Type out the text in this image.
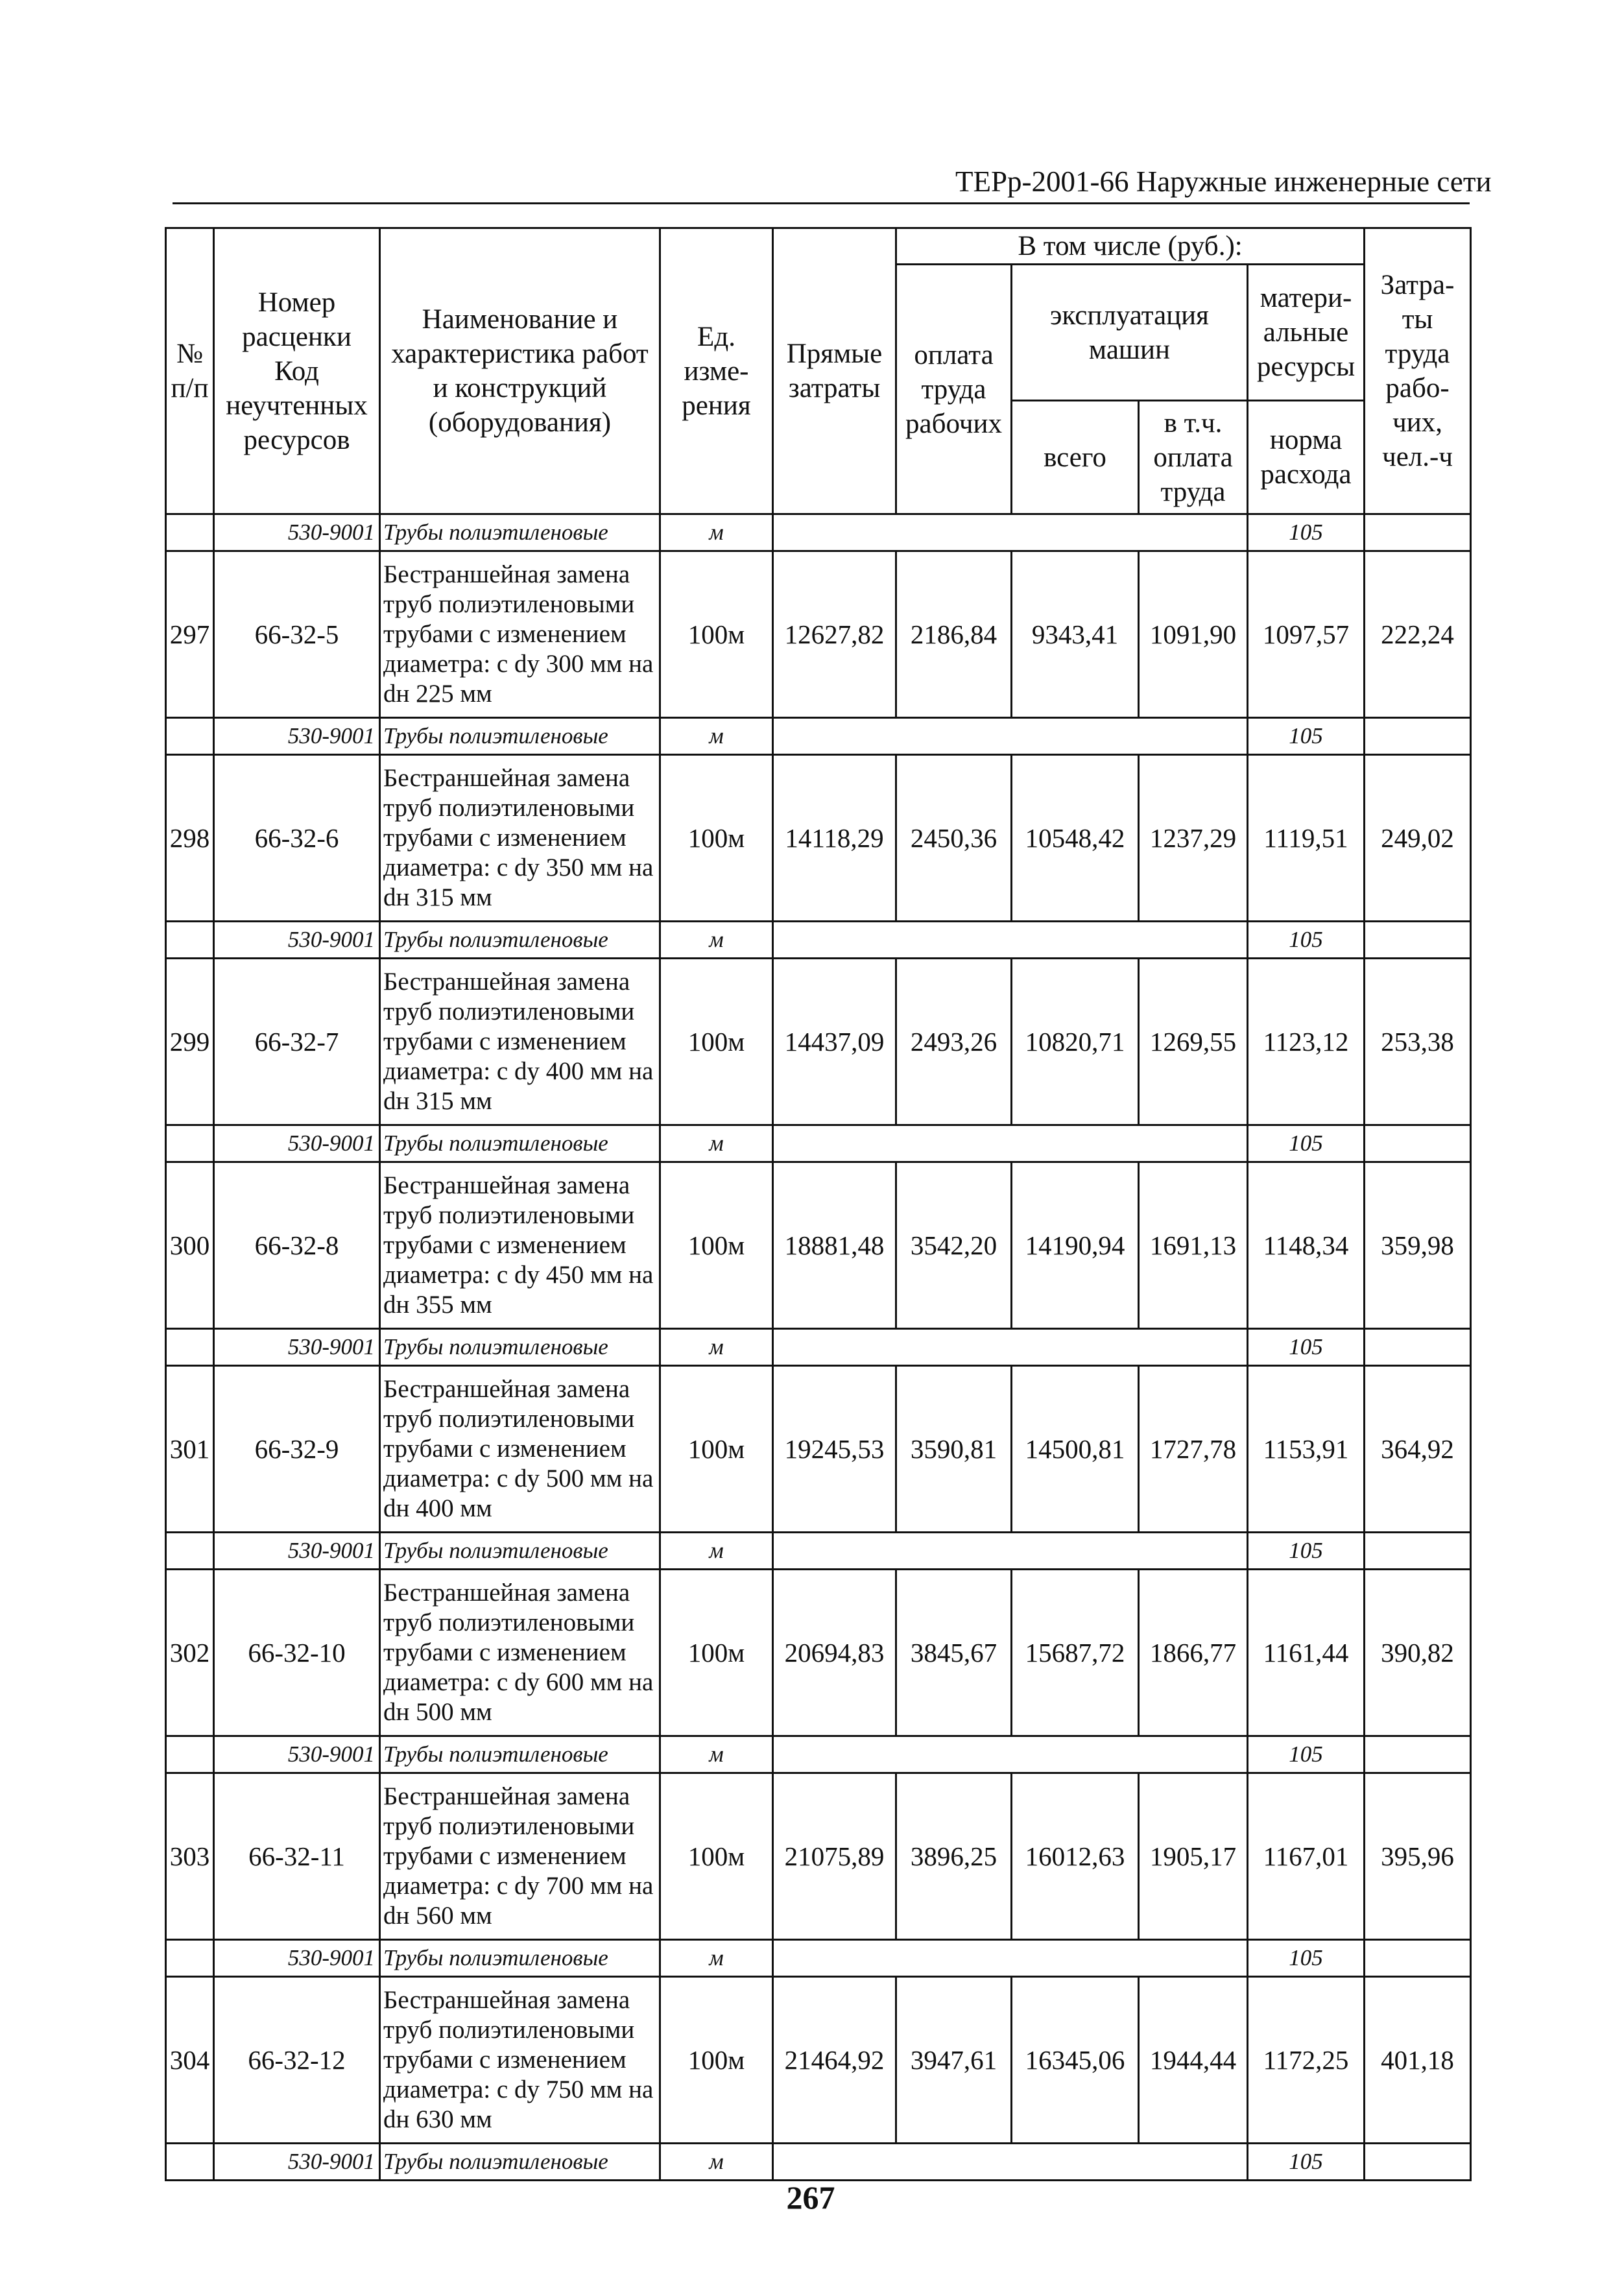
ТЕРр-2001-66 Наружные инженерные сети
№ п/п	Номер расценки Код неучтенных ресурсов	Наименование и характеристика работ и конструкций (оборудования)	Ед. изме-рения	Прямые затраты	В том числе (руб.):				Затра-ты труда рабо-чих, чел.-ч
					оплата труда рабочих	эксплуатация машин		матери-альные ресурсы	
						всего	в т.ч. оплата труда	норма расхода	
	530-9001	Трубы полиэтиленовые	м					105	
297	66-32-5	Бестраншейная замена труб полиэтиленовыми трубами с изменением диаметра: с dy 300 мм на dн 225 мм	100м	12627,82	2186,84	9343,41	1091,90	1097,57	222,24
	530-9001	Трубы полиэтиленовые	м					105	
298	66-32-6	Бестраншейная замена труб полиэтиленовыми трубами с изменением диаметра: с dy 350 мм на dн 315 мм	100м	14118,29	2450,36	10548,42	1237,29	1119,51	249,02
	530-9001	Трубы полиэтиленовые	м					105	
299	66-32-7	Бестраншейная замена труб полиэтиленовыми трубами с изменением диаметра: с dy 400 мм на dн 315 мм	100м	14437,09	2493,26	10820,71	1269,55	1123,12	253,38
	530-9001	Трубы полиэтиленовые	м					105	
300	66-32-8	Бестраншейная замена труб полиэтиленовыми трубами с изменением диаметра: с dy 450 мм на dн 355 мм	100м	18881,48	3542,20	14190,94	1691,13	1148,34	359,98
	530-9001	Трубы полиэтиленовые	м					105	
301	66-32-9	Бестраншейная замена труб полиэтиленовыми трубами с изменением диаметра: с dy 500 мм на dн 400 мм	100м	19245,53	3590,81	14500,81	1727,78	1153,91	364,92
	530-9001	Трубы полиэтиленовые	м					105	
302	66-32-10	Бестраншейная замена труб полиэтиленовыми трубами с изменением диаметра: с dy 600 мм на dн 500 мм	100м	20694,83	3845,67	15687,72	1866,77	1161,44	390,82
	530-9001	Трубы полиэтиленовые	м					105	
303	66-32-11	Бестраншейная замена труб полиэтиленовыми трубами с изменением диаметра: с dy 700 мм на dн 560 мм	100м	21075,89	3896,25	16012,63	1905,17	1167,01	395,96
	530-9001	Трубы полиэтиленовые	м					105	
304	66-32-12	Бестраншейная замена труб полиэтиленовыми трубами с изменением диаметра: с dy 750 мм на dн 630 мм	100м	21464,92	3947,61	16345,06	1944,44	1172,25	401,18
	530-9001	Трубы полиэтиленовые	м					105	
267
